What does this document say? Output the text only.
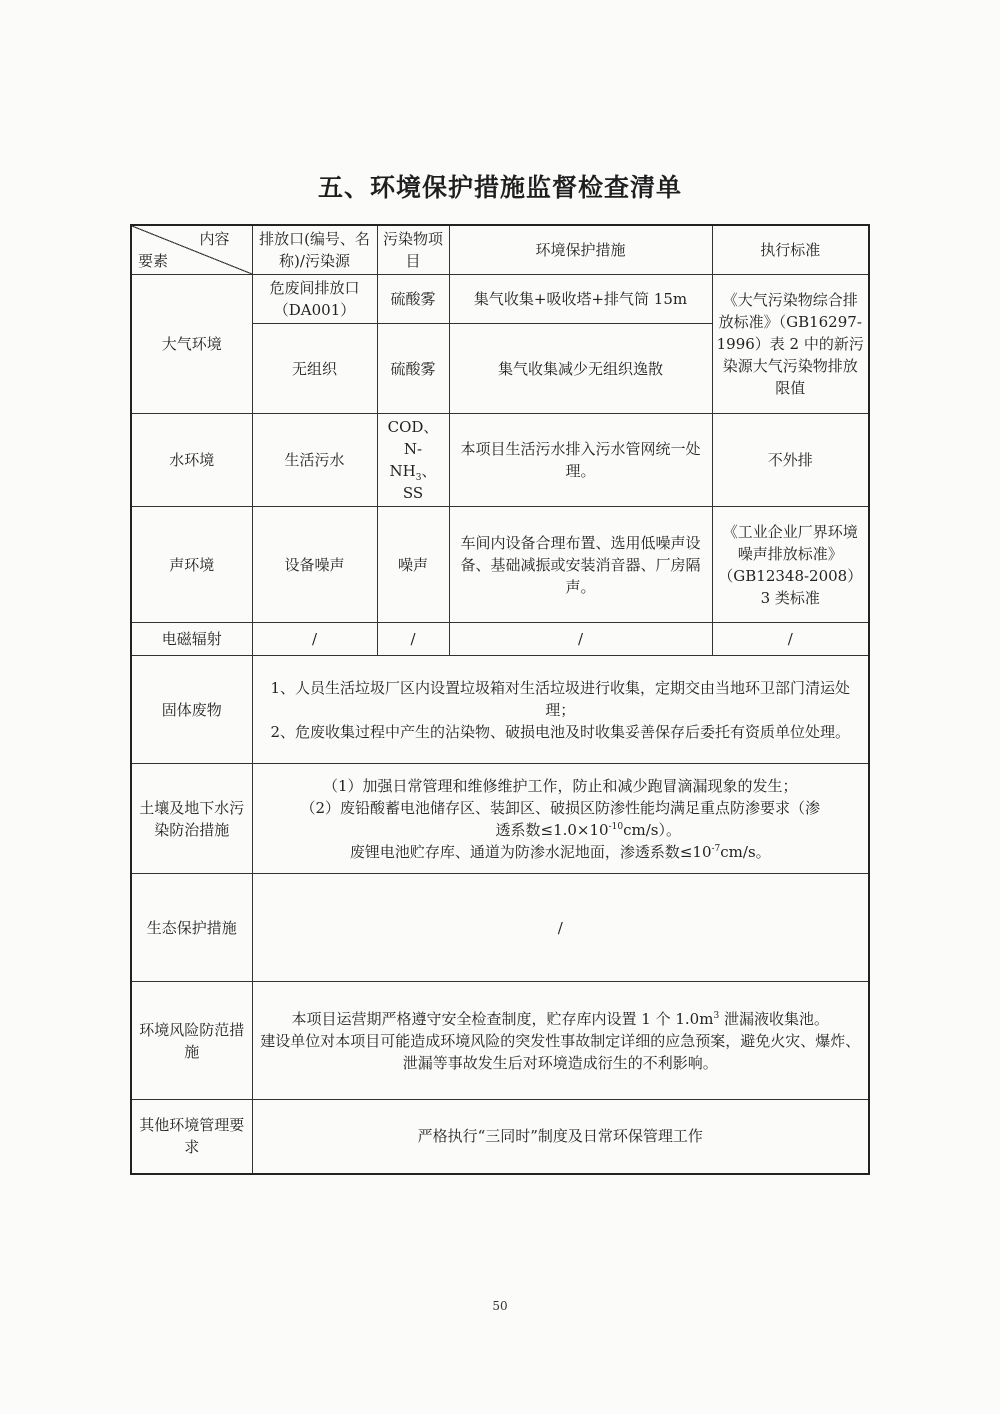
五、环境保护措施监督检查清单
内容
要素	排放口(编号、名称)/污染源	污染物项目	环境保护措施	执行标准
大气环境	危废间排放口（DA001）	硫酸雾	集气收集+吸收塔+排气筒 15m	《大气污染物综合排放标准》（GB16297-1996）表 2 中的新污染源大气污染物排放限值
	无组织	硫酸雾	集气收集减少无组织逸散	
水环境	生活污水	COD、
$N-NH_3$、
SS	本项目生活污水排入污水管网统一处理。	不外排
声环境	设备噪声	噪声	车间内设备合理布置、选用低噪声设备、基础减振或安装消音器、厂房隔声。	《工业企业厂界环境噪声排放标准》（GB12348-2008）3 类标准
电磁辐射	/	/	/	/
固体废物	1、人员生活垃圾厂区内设置垃圾箱对生活垃圾进行收集，定期交由当地环卫部门清运处理；
2、危废收集过程中产生的沾染物、破损电池及时收集妥善保存后委托有资质单位处理。			

土壤及地下水污染防治措施	（1）加强日常管理和维修维护工作，防止和减少跑冒滴漏现象的发生；
（2）废铅酸蓄电池储存区、装卸区、破损区防渗性能均满足重点防渗要求（渗
透系数$\le 1.0\times 10^{-10}cm/s$）。
废锂电池贮存库、通道为防渗水泥地面，渗透系数$\le 10^{-7}cm/s$。			

生态保护措施	/			
环境风险防范措施	本项目运营期严格遵守安全检查制度，贮存库内设置 1 个 $1.0m^3$ 泄漏液收集池。
建设单位对本项目可能造成环境风险的突发性事故制定详细的应急预案，避免火灾、爆炸、泄漏等事故发生后对环境造成衍生的不利影响。			

其他环境管理要求	严格执行“三同时”制度及日常环保管理工作			
50
